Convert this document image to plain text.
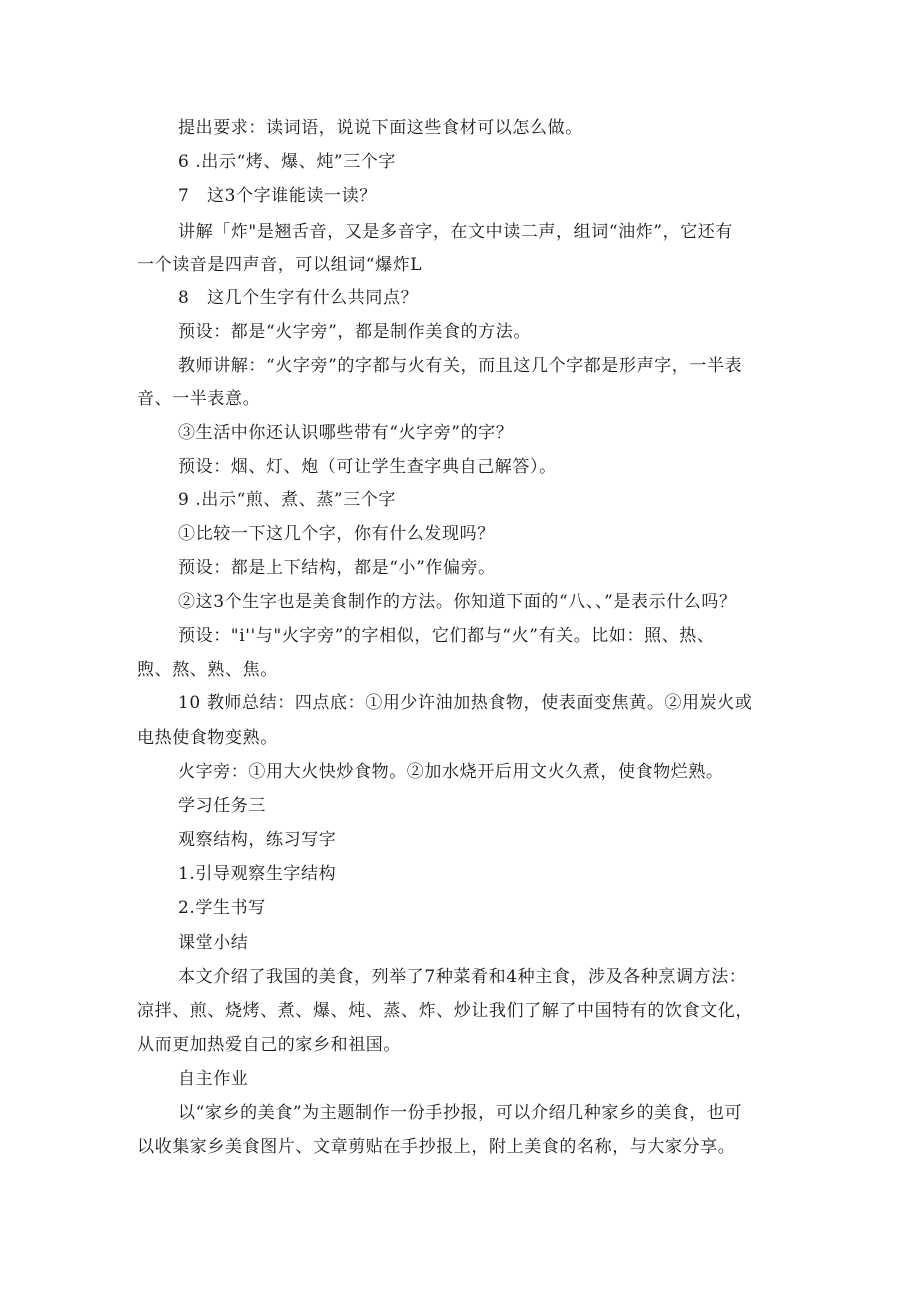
提出要求：读词语，说说下面这些食材可以怎么做。
6 .出示“烤、爆、炖”三个字
7　这3个字谁能读一读？
讲解「炸"是翘舌音，又是多音字，在文中读二声，组词“油炸”，它还有
一个读音是四声音，可以组词“爆炸L
8　这几个生字有什么共同点？
预设：都是“火字旁”，都是制作美食的方法。
教师讲解：“火字旁”的字都与火有关，而且这几个字都是形声字，一半表
音、一半表意。
③生活中你还认识哪些带有“火字旁”的字？
预设：烟、灯、炮（可让学生查字典自己解答）。
9 .出示“煎、煮、蒸”三个字
①比较一下这几个字，你有什么发现吗？
预设：都是上下结构，都是“小”作偏旁。
②这3个生字也是美食制作的方法。你知道下面的“八、、”是表示什么吗？
预设："i''与"火字旁”的字相似，它们都与“火”有关。比如：照、热、
煦、熬、熟、焦。
10 教师总结：四点底：①用少许油加热食物，使表面变焦黄。②用炭火或
电热使食物变熟。
火字旁：①用大火快炒食物。②加水烧开后用文火久煮，使食物烂熟。
学习任务三
观察结构，练习写字
1.引导观察生字结构
2.学生书写
课堂小结
本文介绍了我国的美食，列举了7种菜肴和4种主食，涉及各种烹调方法：
凉拌、煎、烧烤、煮、爆、炖、蒸、炸、炒让我们了解了中国特有的饮食文化，
从而更加热爱自己的家乡和祖国。
自主作业
以“家乡的美食”为主题制作一份手抄报，可以介绍几种家乡的美食，也可
以收集家乡美食图片、文章剪贴在手抄报上，附上美食的名称，与大家分享。
